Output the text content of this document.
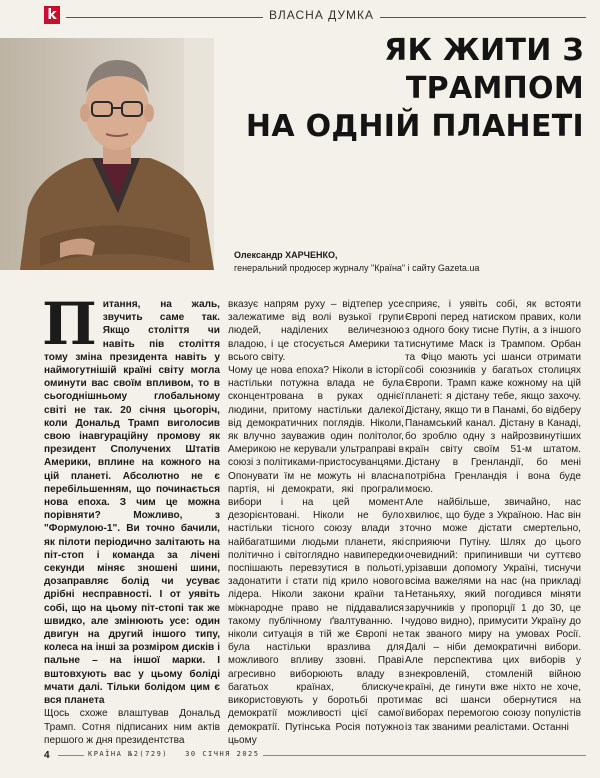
k	ВЛАСНА ДУМКА
ЯК ЖИТИ З ТРАМПОМ
НА ОДНІЙ ПЛАНЕТІ
Олександр ХАРЧЕНКО,
генеральний продюсер журналу "Країна" і сайту Gazeta.ua
П итання, на жаль, звучить саме так. Якщо століття чи навіть пів століття тому зміна президента навіть у наймогутнішій країні світу могла оминути вас своїм впливом, то в сьогоднішньому глобальному світі не так. 20 січня цьогоріч, коли Дональд Трамп виголосив свою інавгураційну промову як президент Сполучених Штатів Америки, вплине на кожного на цій планеті. Абсолютно не є перебільшенням, що починається нова епоха. З чим це можна порівняти? Можливо, з "Формулою-1". Ви точно бачили, як пілоти періодично залітають на піт-стоп і команда за лічені секунди міняє зношені шини, дозаправляє болід чи усуває дрібні несправності. І от уявіть собі, що на цьому піт-стопі так же швидко, але змінюють усе: один двигун на другий іншого типу, колеса на інші за розміром дисків і пальне – на іншої марки. І вштовхують вас у цьому боліді мчати далі. Тільки болідом цим є вся планета

Щось схоже влаштував Дональд Трамп. Сотня підписаних ним актів першого ж дня президентства

вказує напрям руху – відтепер усе залежатиме від волі вузької групи людей, наділених величезною владою, і це стосується Америки та всього світу.

Чому це нова епоха? Ніколи в історії настільки потужна влада не була сконцентрована в руках однієї людини, притому настільки далекої від демократичних поглядів. Ніколи, як влучно зауважив один політолог, Америкою не керували ультраправі в союзі з політиками-пристосуванцями. Опонувати їм не можуть ні власна партія, ні демократи, які програли вибори і на цей момент дезорієнтовані. Ніколи не було настільки тісного союзу влади з найбагатшими людьми планети, які політично і світоглядно навипередки поспішають перевзутися в польоті, задонатити і стати під крило нового лідера. Ніколи закони країни та міжнародне право не піддавалися такому публічному ґвалтуванню. І ніколи ситуація в тій же Європі не була настільки вразлива для можливого впливу ззовні. Праві агресивно виборюють владу в багатьох країнах, блискуче використовують у боротьбі проти демократії можливості цієї самої демократії. Путінська Росія потужно цьому

сприяє, і уявіть собі, як встояти Європі перед натиском правих, коли з одного боку тисне Путін, а з іншого тиснутиме Маск із Трампом. Орбан та Фіцо мають усі шанси отримати собі союзників у багатьох столицях Європи. Трамп каже кожному на цій планеті: я дістану тебе, якщо захочу. Дістану, якщо ти в Панамі, бо відберу Панамський канал. Дістану в Канаді, бо зроблю одну з найрозвинутіших країн світу своїм 51-м штатом. Дістану в Гренландії, бо мені потрібна Гренландія і вона буде моєю.

Але найбільше, звичайно, нас хвилює, що буде з Україною. Нас він точно може дістати смертельно, сприяючи Путіну. Шлях до цього очевидний: припинивши чи суттєво урізавши допомогу Україні, тиснучи всіма важелями на нас (на прикладі Нетаньяху, який погодився міняти заручників у пропорції 1 до 30, це чудово видно), примусити Україну до так званого миру на умовах Росії. Далі – ніби демократичні вибори. Але перспектива цих виборів у знекровленій, стомленій війною країні, де гинути вже ніхто не хоче, має всі шанси обернутися на виборах перемогою союзу популістів із так званими реалістами. Останні

4	КРАЇНА №2(729) 30 СІЧНЯ 2025
